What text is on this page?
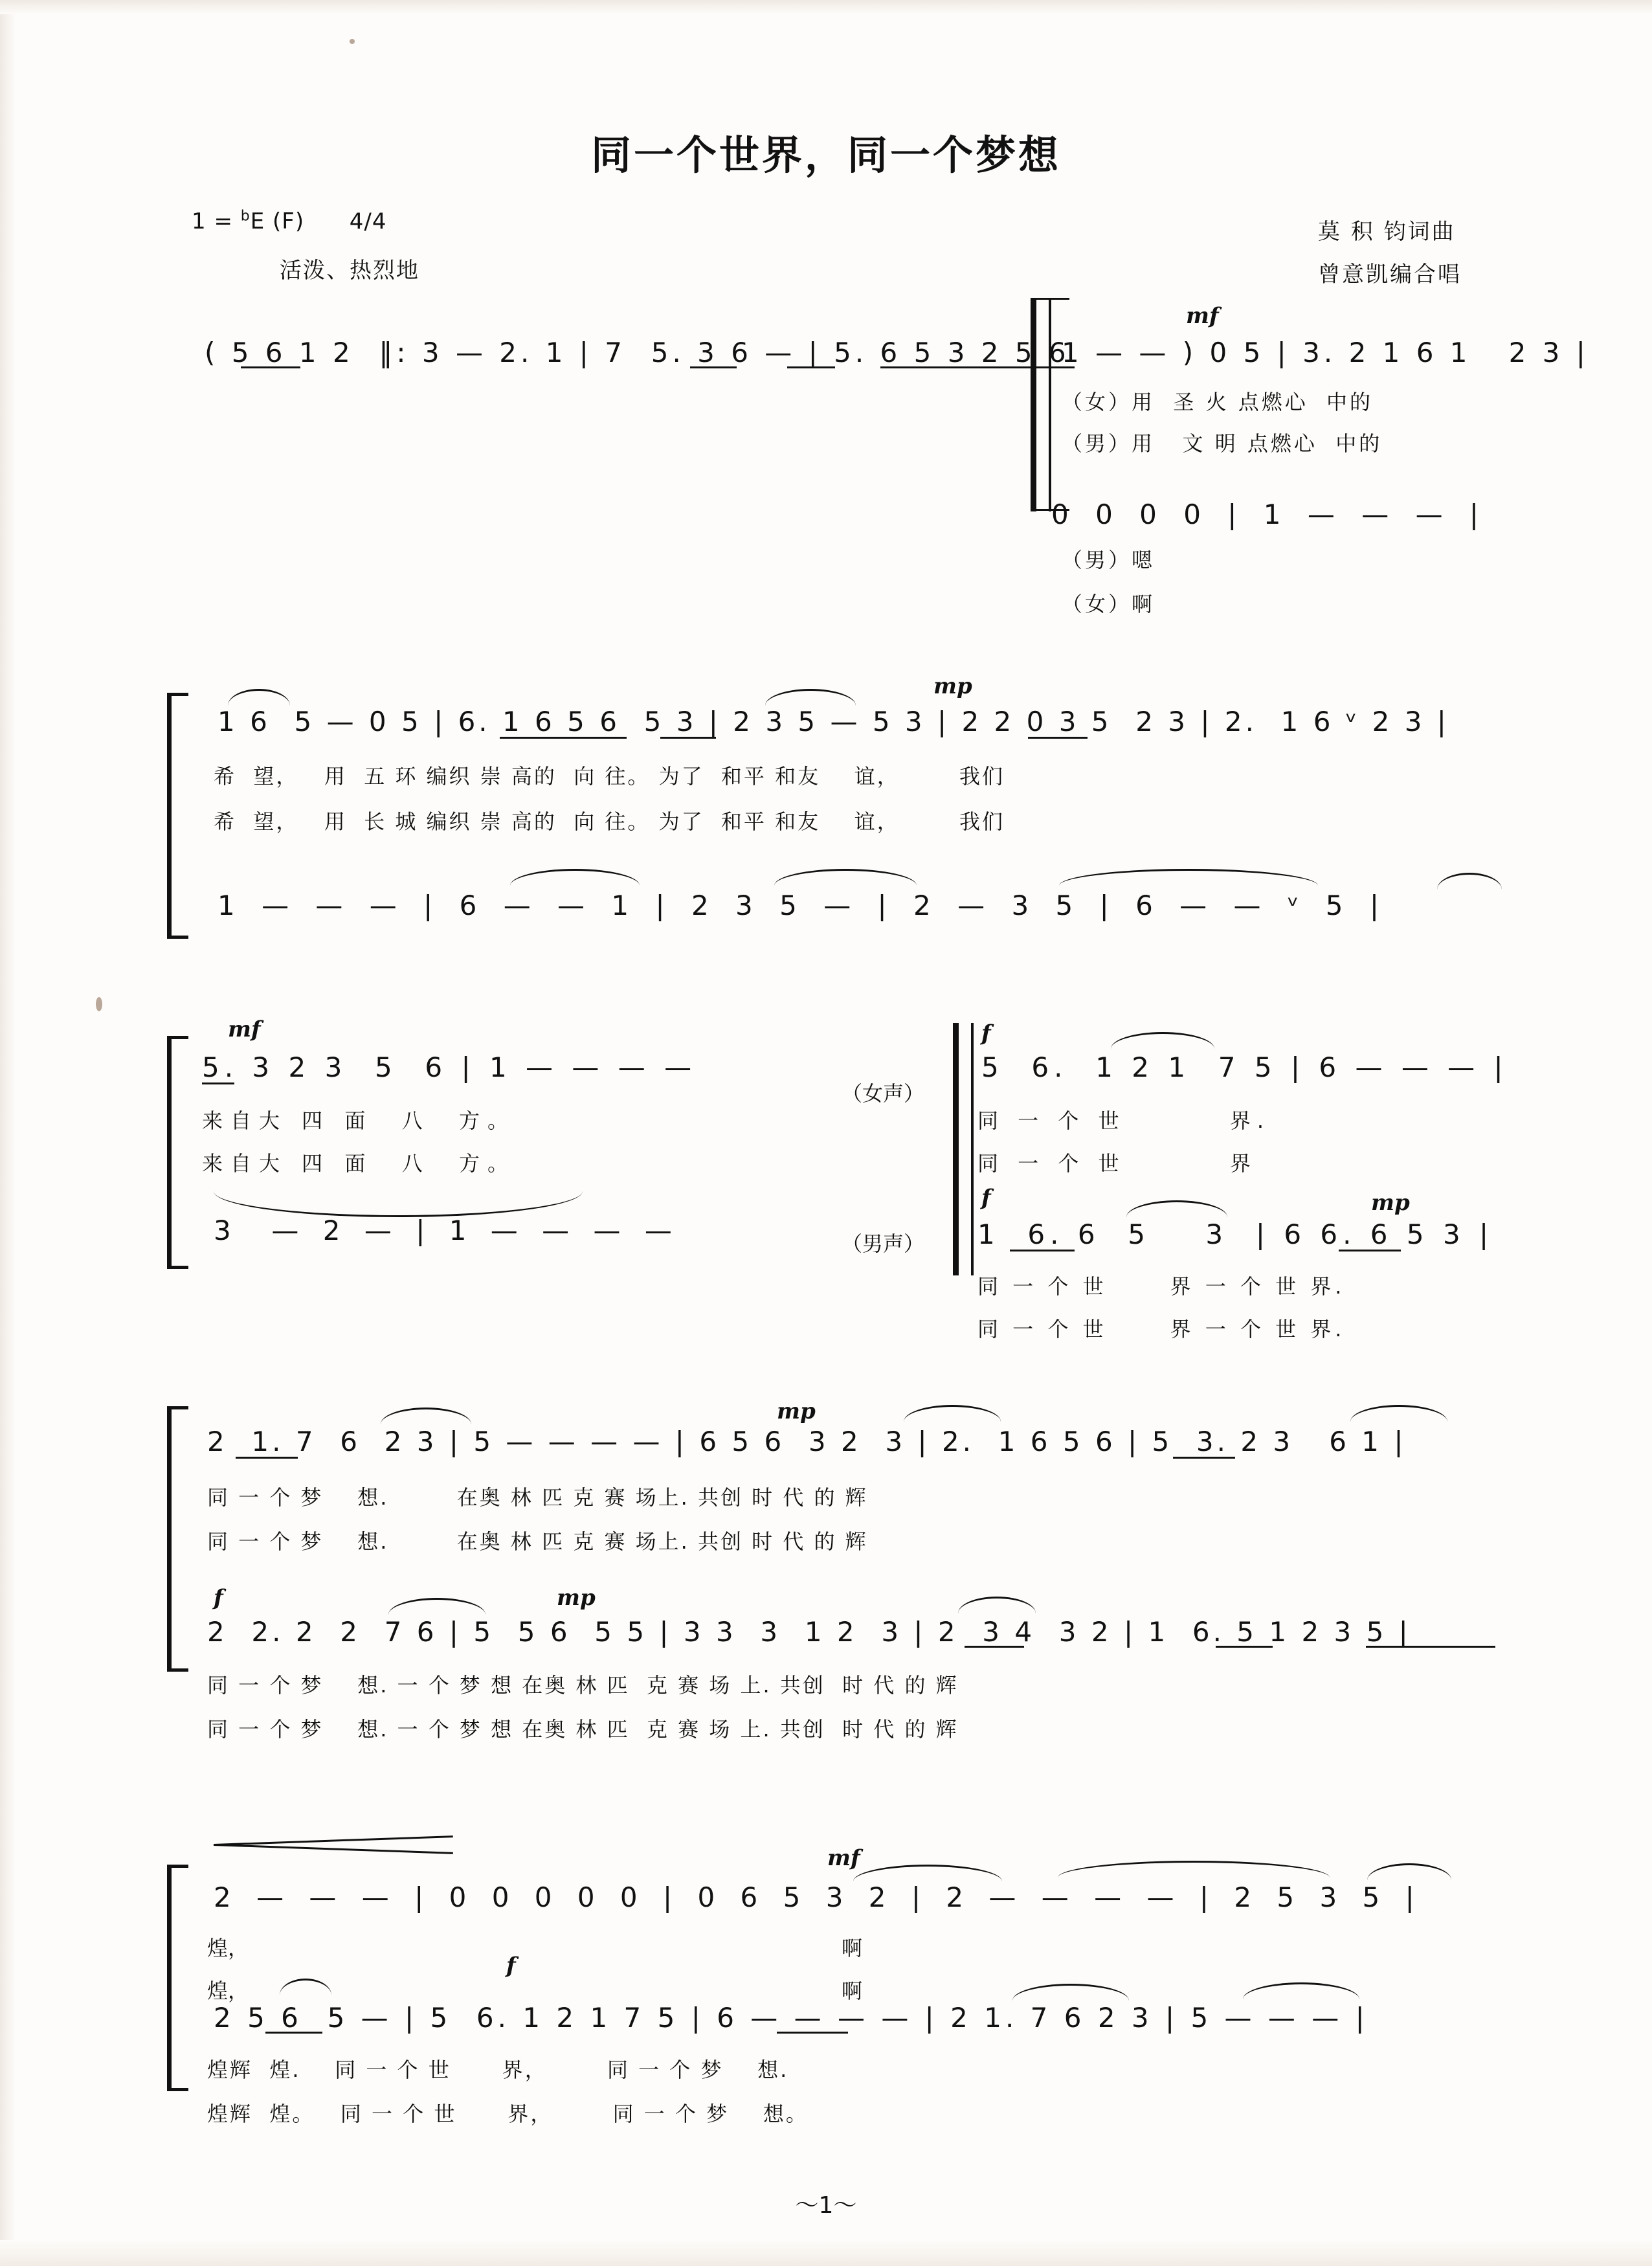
同一个世界，同一个梦想
1 = $^b$E (F) 4/4
活泼、热烈地
莫 积 钧词曲
曾意凯编合唱
( 5 6 1 2  ‖: 3 — 2. 1 | 7  5. 3 6 — | 5. 6 5 3 2 5 6
mf
1 — — ) 0 5 | 3. 2 1 6 1   2 3 |
（女）用  圣 火 点燃心  中的
（男）用   文 明 点燃心  中的
0 0 0 0 | 1 — — — |
（男）嗯
（女）啊
mp
1 6  5 — 0 5 | 6. 1 6 5 6  5 3 | 2 3 5 — 5 3 | 2 2 0 3 5  2 3 | 2.  1 6 ᵛ 2 3 |
希  望，   用  五 环 编织 崇 高的  向 往。 为了  和平 和友    谊，       我们
希  望，   用  长 城 编织 崇 高的  向 往。 为了  和平 和友    谊，       我们
1 — — — | 6 — — 1 | 2 3 5 — | 2 — 3 5 | 6 — — ᵛ 5 |
mf
5. 3 2 3  5  6 | 1 — — — —
来自大 四 面  八  方。
来自大 四 面  八  方。
3  — 2 — | 1 — — — —
（女声）
（男声）
f
5  6.  1 2 1  7 5 | 6 — — — |
同 一 个 世        界.
同 一 个 世        界
f	mp
1  6. 6  5    3  | 6 6. 6 5 3 |
同 一 个 世      界 一 个 世 界.
同 一 个 世      界 一 个 世 界.
mp
2  1. 7  6  2 3 | 5 — — — — | 6 5 6  3 2  3 | 2.  1 6 5 6 | 5  3. 2 3   6 1 |
同 一 个 梦    想.        在奥 林 匹 克 赛 场上. 共创 时 代 的 辉
同 一 个 梦    想.        在奥 林 匹 克 赛 场上. 共创 时 代 的 辉
f	mp
2  2. 2  2  7 6 | 5  5 6  5 5 | 3 3  3  1 2  3 | 2  3 4  3 2 | 1  6. 5 1 2 3 5 |
同 一 个 梦    想. 一 个 梦 想 在奥 林 匹  克 赛 场 上. 共创  时 代 的 辉
同 一 个 梦    想. 一 个 梦 想 在奥 林 匹  克 赛 场 上. 共创  时 代 的 辉
mf
2 — — — | 0 0 0 0 0 | 0 6 5 3 2 | 2 — — — — | 2 5 3 5 |
煌，
煌，
啊
啊
f
2 5 6  5 — | 5  6. 1 2 1 7 5 | 6 — — — — | 2 1. 7 6 2 3 | 5 — — — |
煌辉  煌.    同 一 个 世      界，       同 一 个 梦    想.
煌辉  煌。   同 一 个 世      界，       同 一 个 梦    想。
～1～
